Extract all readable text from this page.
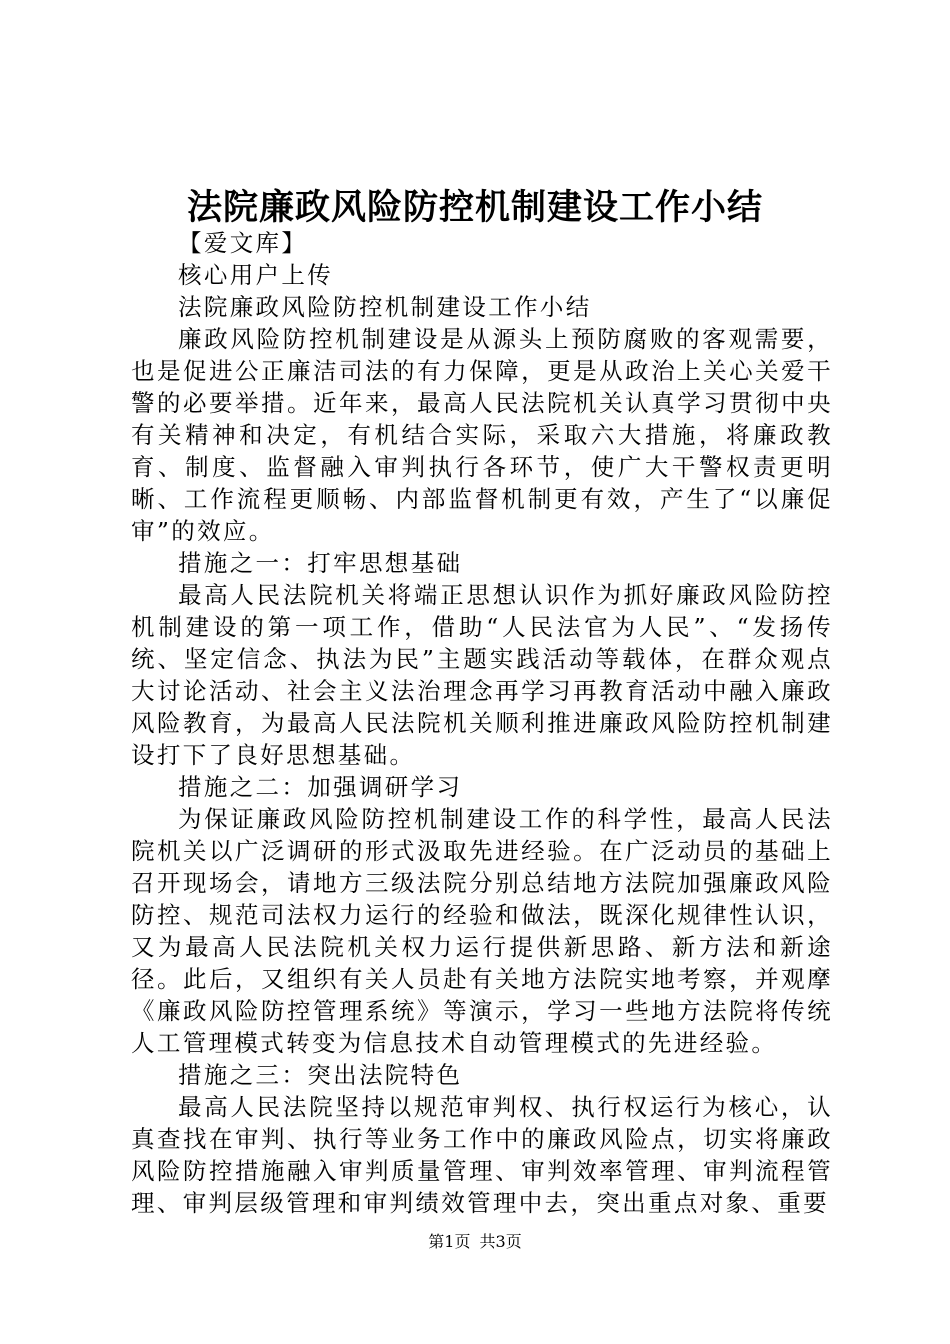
法院廉政风险防控机制建设工作小结

【爱文库】

核心用户上传

法院廉政风险防控机制建设工作小结

廉政风险防控机制建设是从源头上预防腐败的客观需要，也是促进公正廉洁司法的有力保障，更是从政治上关心关爱干警的必要举措。近年来，最高人民法院机关认真学习贯彻中央有关精神和决定，有机结合实际，采取六大措施，将廉政教育、制度、监督融入审判执行各环节，使广大干警权责更明晰、工作流程更顺畅、内部监督机制更有效，产生了“以廉促审”的效应。

措施之一：打牢思想基础

最高人民法院机关将端正思想认识作为抓好廉政风险防控机制建设的第一项工作，借助“人民法官为人民”、“发扬传统、坚定信念、执法为民”主题实践活动等载体，在群众观点大讨论活动、社会主义法治理念再学习再教育活动中融入廉政风险教育，为最高人民法院机关顺利推进廉政风险防控机制建设打下了良好思想基础。

措施之二：加强调研学习

为保证廉政风险防控机制建设工作的科学性，最高人民法院机关以广泛调研的形式汲取先进经验。在广泛动员的基础上召开现场会，请地方三级法院分别总结地方法院加强廉政风险防控、规范司法权力运行的经验和做法，既深化规律性认识，又为最高人民法院机关权力运行提供新思路、新方法和新途径。此后，又组织有关人员赴有关地方法院实地考察，并观摩《廉政风险防控管理系统》等演示，学习一些地方法院将传统人工管理模式转变为信息技术自动管理模式的先进经验。

措施之三：突出法院特色

最高人民法院坚持以规范审判权、执行权运行为核心，认真查找在审判、执行等业务工作中的廉政风险点，切实将廉政风险防控措施融入审判质量管理、审判效率管理、审判流程管理、审判层级管理和审判绩效管理中去，突出重点对象、重要

第1页 共3页
